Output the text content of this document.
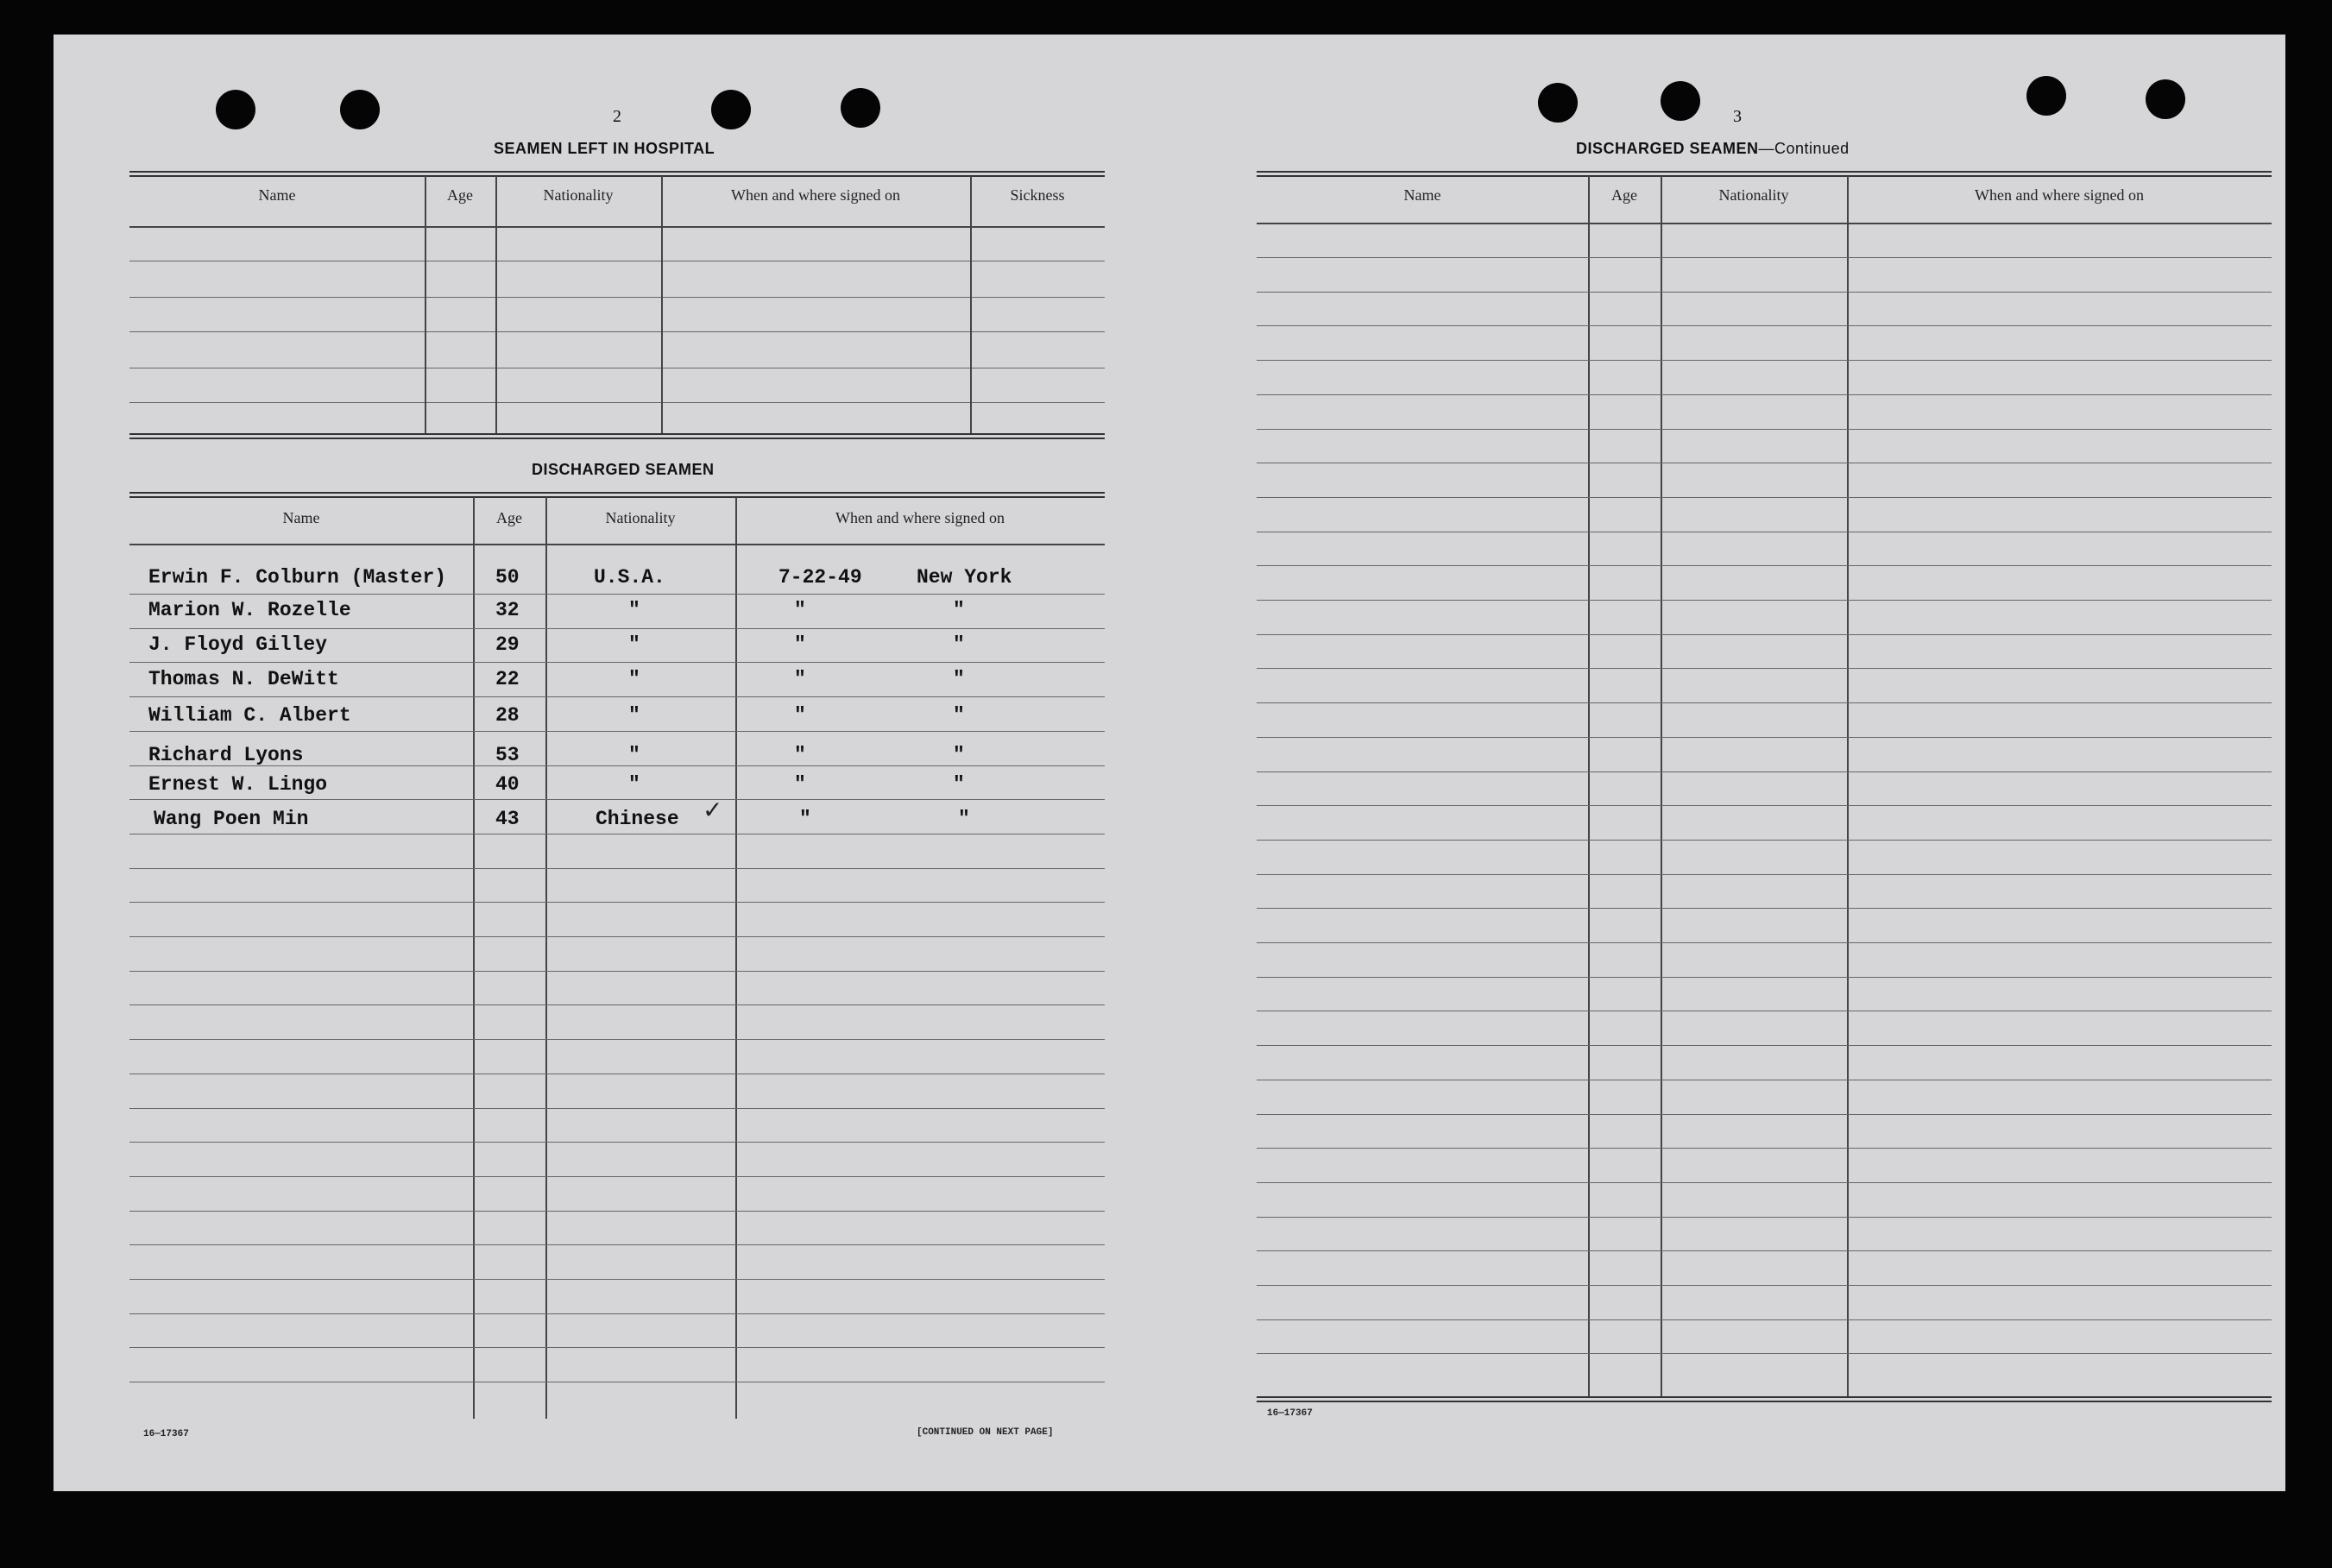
2
SEAMEN LEFT IN HOSPITAL
Name	Age	Nationality	When and where signed on	Sickness
DISCHARGED SEAMEN
Name	Age	Nationality	When and where signed on
Erwin F. Colburn (Master) 50	U.S.A.	7-22-49	New York
Marion W. Rozelle	32	"	"	"
J. Floyd Gilley	29	"	"	"
Thomas N. DeWitt	22	"	"	"
William C. Albert	28	"	"	"
Richard Lyons	53	"	"	"
Ernest W. Lingo	40	"	"	"
Wang Poen Min	43	Chinese ✓	"	"
16—17367	[CONTINUED ON NEXT PAGE]
3
DISCHARGED SEAMEN—Continued
Name	Age	Nationality	When and where signed on
16—17367
